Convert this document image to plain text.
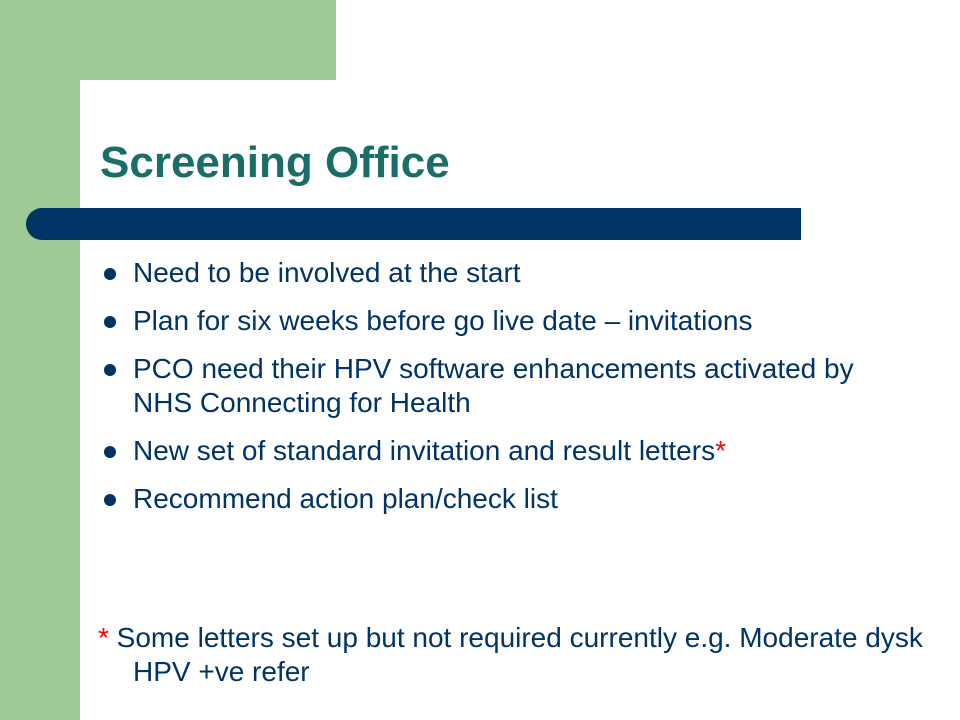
Screening Office
Need to be involved at the start
Plan for six weeks before go live date – invitations
PCO need their HPV software enhancements activated by NHS Connecting for Health
New set of standard invitation and result letters*
Recommend action plan/check list

* Some letters set up but not required currently e.g. Moderate dysk HPV +ve refer
